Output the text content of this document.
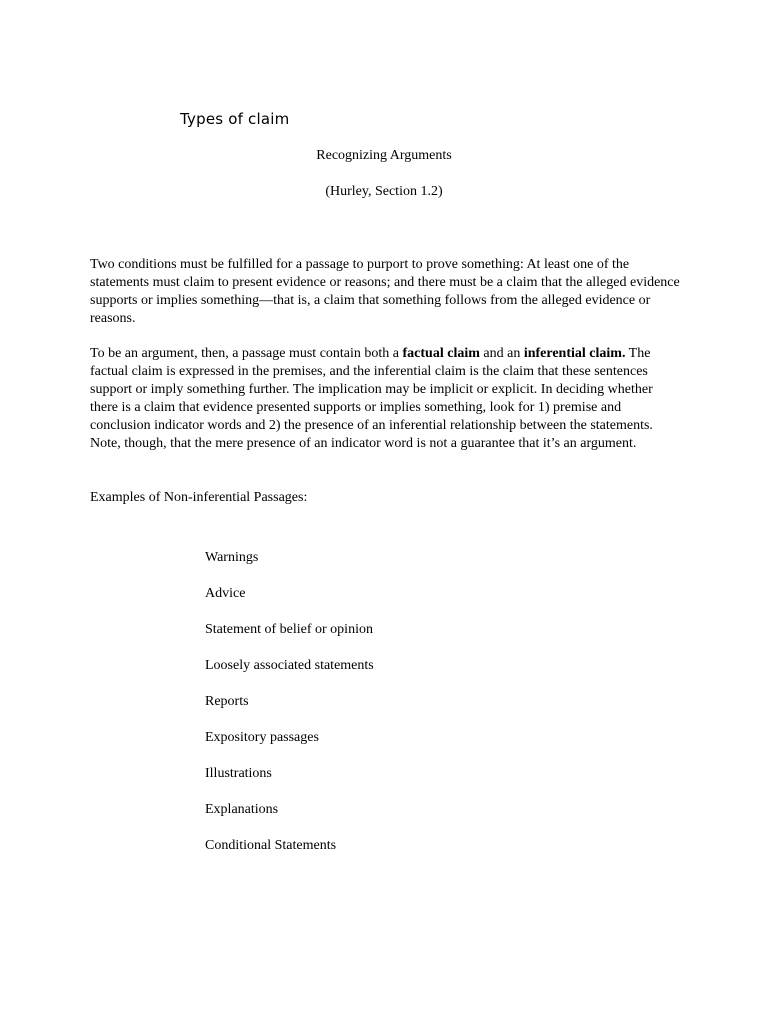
Types of claim

Recognizing Arguments

(Hurley, Section 1.2)

Two conditions must be fulfilled for a passage to purport to prove something: At least one of the statements must claim to present evidence or reasons; and there must be a claim that the alleged evidence supports or implies something—that is, a claim that something follows from the alleged evidence or reasons.

To be an argument, then, a passage must contain both a factual claim and an inferential claim. The factual claim is expressed in the premises, and the inferential claim is the claim that these sentences support or imply something further. The implication may be implicit or explicit. In deciding whether there is a claim that evidence presented supports or implies something, look for 1) premise and conclusion indicator words and 2) the presence of an inferential relationship between the statements. Note, though, that the mere presence of an indicator word is not a guarantee that it’s an argument.

Examples of Non-inferential Passages:

Warnings
Advice
Statement of belief or opinion
Loosely associated statements
Reports
Expository passages
Illustrations
Explanations
Conditional Statements
